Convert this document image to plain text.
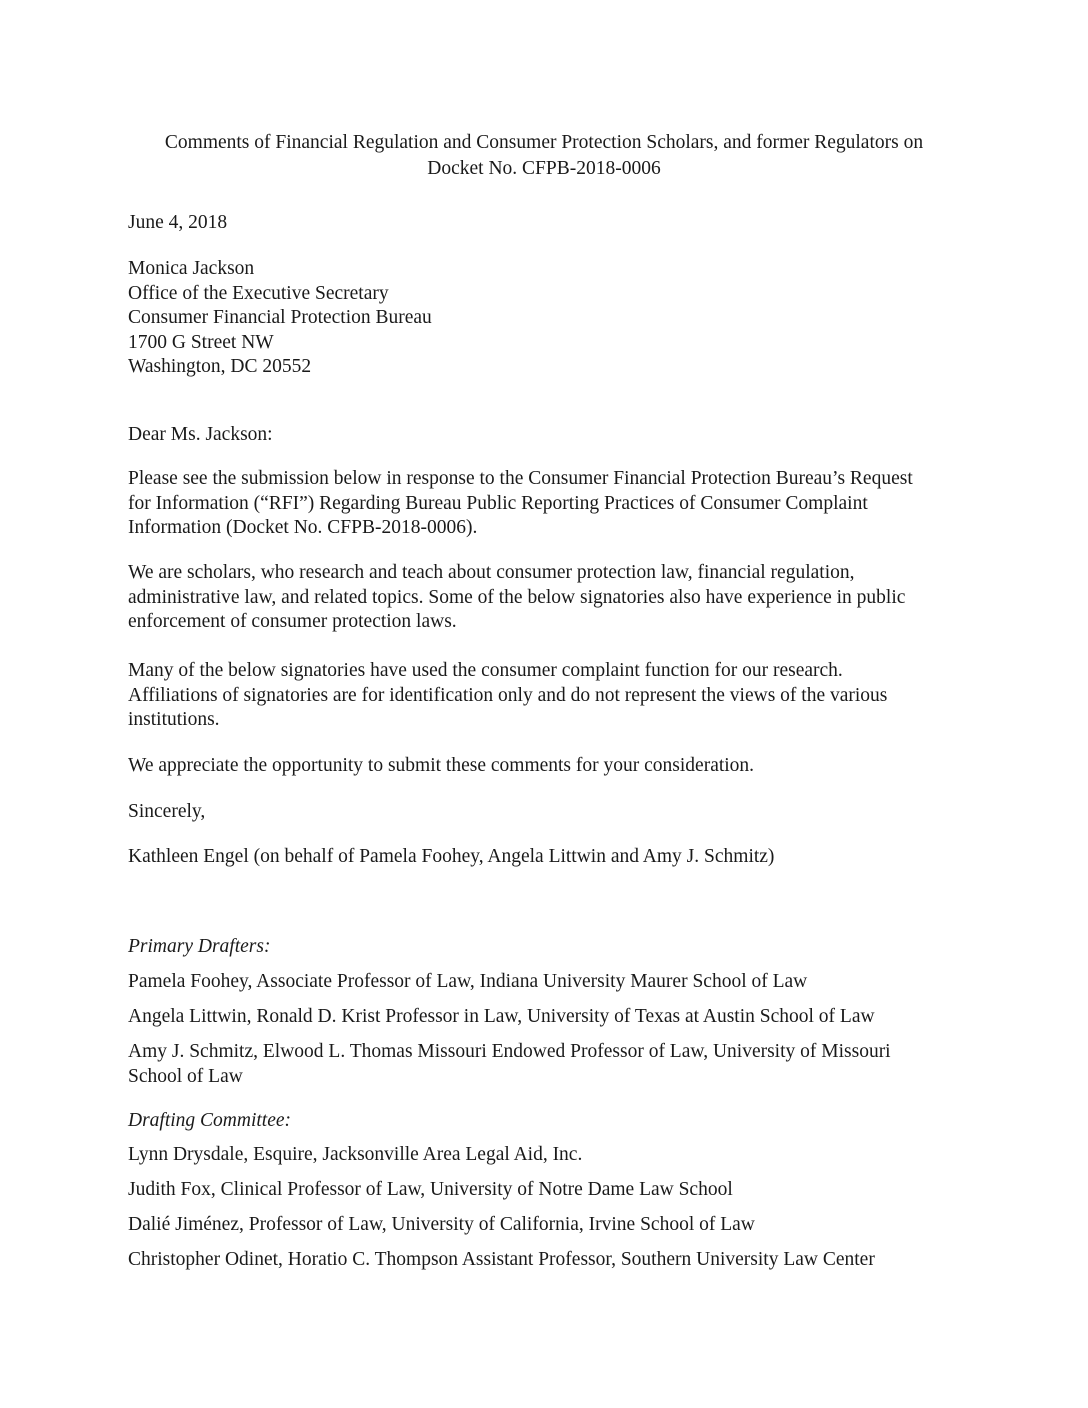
Comments of Financial Regulation and Consumer Protection Scholars, and former Regulators on
Docket No. CFPB-2018-0006
June 4, 2018
Monica Jackson
Office of the Executive Secretary
Consumer Financial Protection Bureau
1700 G Street NW
Washington, DC 20552
Dear Ms. Jackson:
Please see the submission below in response to the Consumer Financial Protection Bureau’s Request
for Information (“RFI”) Regarding Bureau Public Reporting Practices of Consumer Complaint
Information (Docket No. CFPB-2018-0006).
We are scholars, who research and teach about consumer protection law, financial regulation,
administrative law, and related topics. Some of the below signatories also have experience in public
enforcement of consumer protection laws.
Many of the below signatories have used the consumer complaint function for our research.
Affiliations of signatories are for identification only and do not represent the views of the various
institutions.
We appreciate the opportunity to submit these comments for your consideration.
Sincerely,
Kathleen Engel (on behalf of Pamela Foohey, Angela Littwin and Amy J. Schmitz)
Primary Drafters:
Pamela Foohey, Associate Professor of Law, Indiana University Maurer School of Law
Angela Littwin, Ronald D. Krist Professor in Law, University of Texas at Austin School of Law
Amy J. Schmitz, Elwood L. Thomas Missouri Endowed Professor of Law, University of Missouri
School of Law
Drafting Committee:
Lynn Drysdale, Esquire, Jacksonville Area Legal Aid, Inc.
Judith Fox, Clinical Professor of Law, University of Notre Dame Law School
Dalié Jiménez, Professor of Law, University of California, Irvine School of Law
Christopher Odinet, Horatio C. Thompson Assistant Professor, Southern University Law Center
